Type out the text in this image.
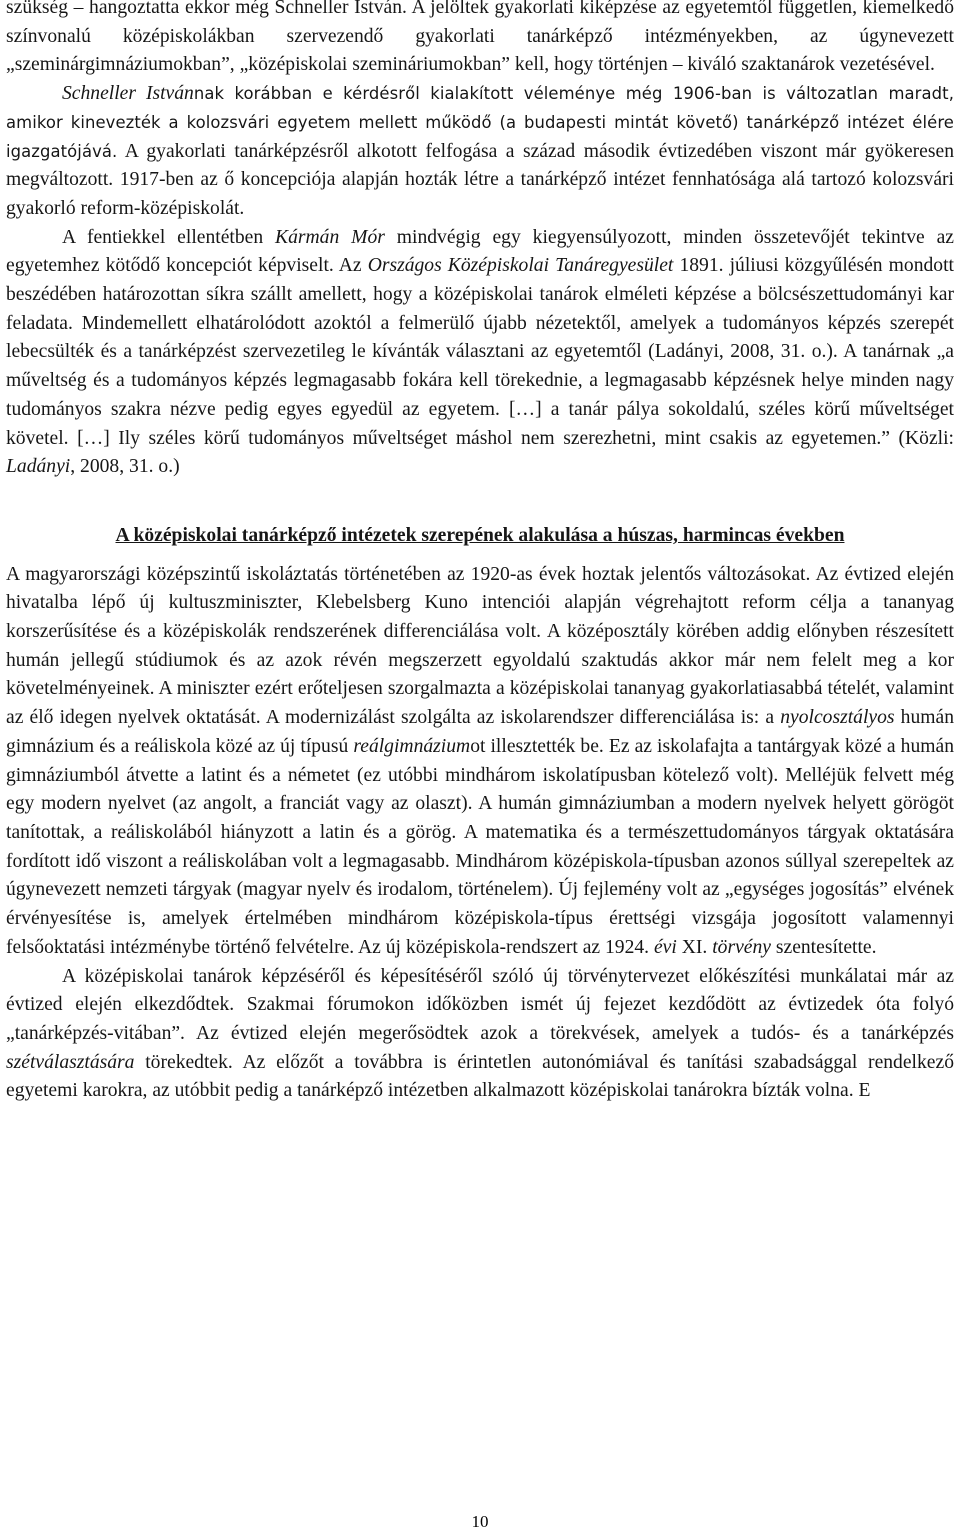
szükség – hangoztatta ekkor még Schneller István. A jelöltek gyakorlati kiképzése az egyetemtől független, kiemelkedő színvonalú középiskolákban szervezendő gyakorlati tanárképző intézményekben, az úgynevezett „szeminárgimnáziumokban”, „középiskolai szemináriumokban” kell, hogy történjen – kiváló szaktanárok vezetésével.

Schneller Istvánnak korábban e kérdésről kialakított véleménye még 1906-ban is változatlan maradt, amikor kinevezték a kolozsvári egyetem mellett működő (a budapesti mintát követő) tanárképző intézet élére igazgatójává. A gyakorlati tanárképzésről alkotott felfogása a század második évtizedében viszont már gyökeresen megváltozott. 1917-ben az ő koncepciója alapján hozták létre a tanárképző intézet fennhatósága alá tartozó kolozsvári gyakorló reform-középiskolát.

A fentiekkel ellentétben Kármán Mór mindvégig egy kiegyensúlyozott, minden összetevőjét tekintve az egyetemhez kötődő koncepciót képviselt. Az Országos Középiskolai Tanáregyesület 1891. júliusi közgyűlésén mondott beszédében határozottan síkra szállt amellett, hogy a középiskolai tanárok elméleti képzése a bölcsészettudományi kar feladata. Mindemellett elhatárolódott azoktól a felmerülő újabb nézetektől, amelyek a tudományos képzés szerepét lebecsülték és a tanárképzést szervezetileg le kívánták választani az egyetemtől (Ladányi, 2008, 31. o.). A tanárnak „a műveltség és a tudományos képzés legmagasabb fokára kell törekednie, a legmagasabb képzésnek helye minden nagy tudományos szakra nézve pedig egyes egyedül az egyetem. […] a tanár pálya sokoldalú, széles körű műveltséget követel. […] Ily széles körű tudományos műveltséget máshol nem szerezhetni, mint csakis az egyetemen.” (Közli: Ladányi, 2008, 31. o.)

A középiskolai tanárképző intézetek szerepének alakulása a húszas, harmincas években

A magyarországi középszintű iskoláztatás történetében az 1920-as évek hoztak jelentős változásokat. Az évtized elején hivatalba lépő új kultuszminiszter, Klebelsberg Kuno intenciói alapján végrehajtott reform célja a tananyag korszerűsítése és a középiskolák rendszerének differenciálása volt. A középosztály körében addig előnyben részesített humán jellegű stúdiumok és az azok révén megszerzett egyoldalú szaktudás akkor már nem felelt meg a kor követelményeinek. A miniszter ezért erőteljesen szorgalmazta a középiskolai tananyag gyakorlatiasabbá tételét, valamint az élő idegen nyelvek oktatását. A modernizálást szolgálta az iskolarendszer differenciálása is: a nyolcosztályos humán gimnázium és a reáliskola közé az új típusú reálgimnáziumot illesztették be. Ez az iskolafajta a tantárgyak közé a humán gimnáziumból átvette a latint és a németet (ez utóbbi mindhárom iskolatípusban kötelező volt). Melléjük felvett még egy modern nyelvet (az angolt, a franciát vagy az olaszt). A humán gimnáziumban a modern nyelvek helyett görögöt tanítottak, a reáliskolából hiányzott a latin és a görög. A matematika és a természettudományos tárgyak oktatására fordított idő viszont a reáliskolában volt a legmagasabb. Mindhárom középiskola-típusban azonos súllyal szerepeltek az úgynevezett nemzeti tárgyak (magyar nyelv és irodalom, történelem). Új fejlemény volt az „egységes jogosítás” elvének érvényesítése is, amelyek értelmében mindhárom középiskola-típus érettségi vizsgája jogosított valamennyi felsőoktatási intézménybe történő felvételre. Az új középiskola-rendszert az 1924. évi XI. törvény szentesítette.

A középiskolai tanárok képzéséről és képesítéséről szóló új törvénytervezet előkészítési munkálatai már az évtized elején elkezdődtek. Szakmai fórumokon időközben ismét új fejezet kezdődött az évtizedek óta folyó „tanárképzés-vitában”. Az évtized elején megerősödtek azok a törekvések, amelyek a tudós- és a tanárképzés szétválasztására törekedtek. Az előzőt a továbbra is érintetlen autonómiával és tanítási szabadsággal rendelkező egyetemi karokra, az utóbbit pedig a tanárképző intézetben alkalmazott középiskolai tanárokra bízták volna. E

10
